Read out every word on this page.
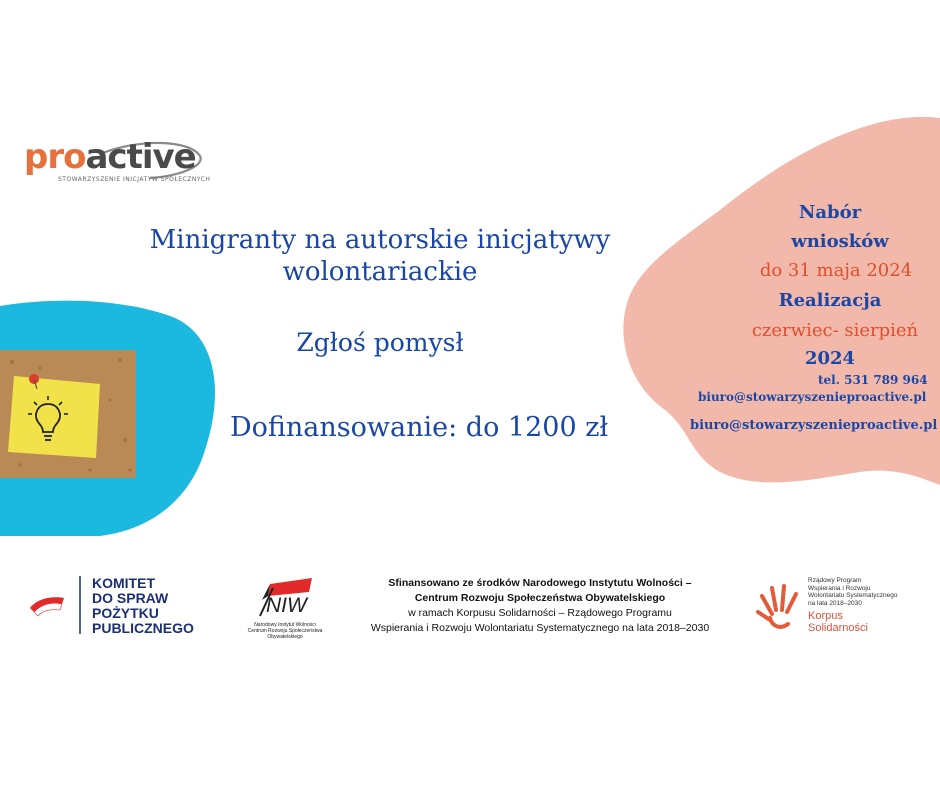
proactive
STOWARZYSZENIE INICJATYW SPOŁECZNYCH
Minigranty na autorskie inicjatywy
wolontariackie
Zgłoś pomysł
Dofinansowanie: do 1200 zł
Nabór
wniosków
do 31 maja 2024
Realizacja
czerwiec- sierpień
2024
tel. 531 789 964
biuro@stowarzyszenieproactive.pl
biuro@stowarzyszenieproactive.pl
KOMITET
DO SPRAW
POŻYTKU
PUBLICZNEGO
NIW
Narodowy Instytut Wolności
Centrum Rozwoju Społeczeństwa Obywatelskiego
Sfinansowano ze środków Narodowego Instytutu Wolności –
Centrum Rozwoju Społeczeństwa Obywatelskiego
w ramach Korpusu Solidarności – Rządowego Programu
Wspierania i Rozwoju Wolontariatu Systematycznego na lata 2018–2030
Rządowy Program
Wspierania i Rozwoju
Wolontariatu Systematycznego
na lata 2018–2030
Korpus
Solidarności
